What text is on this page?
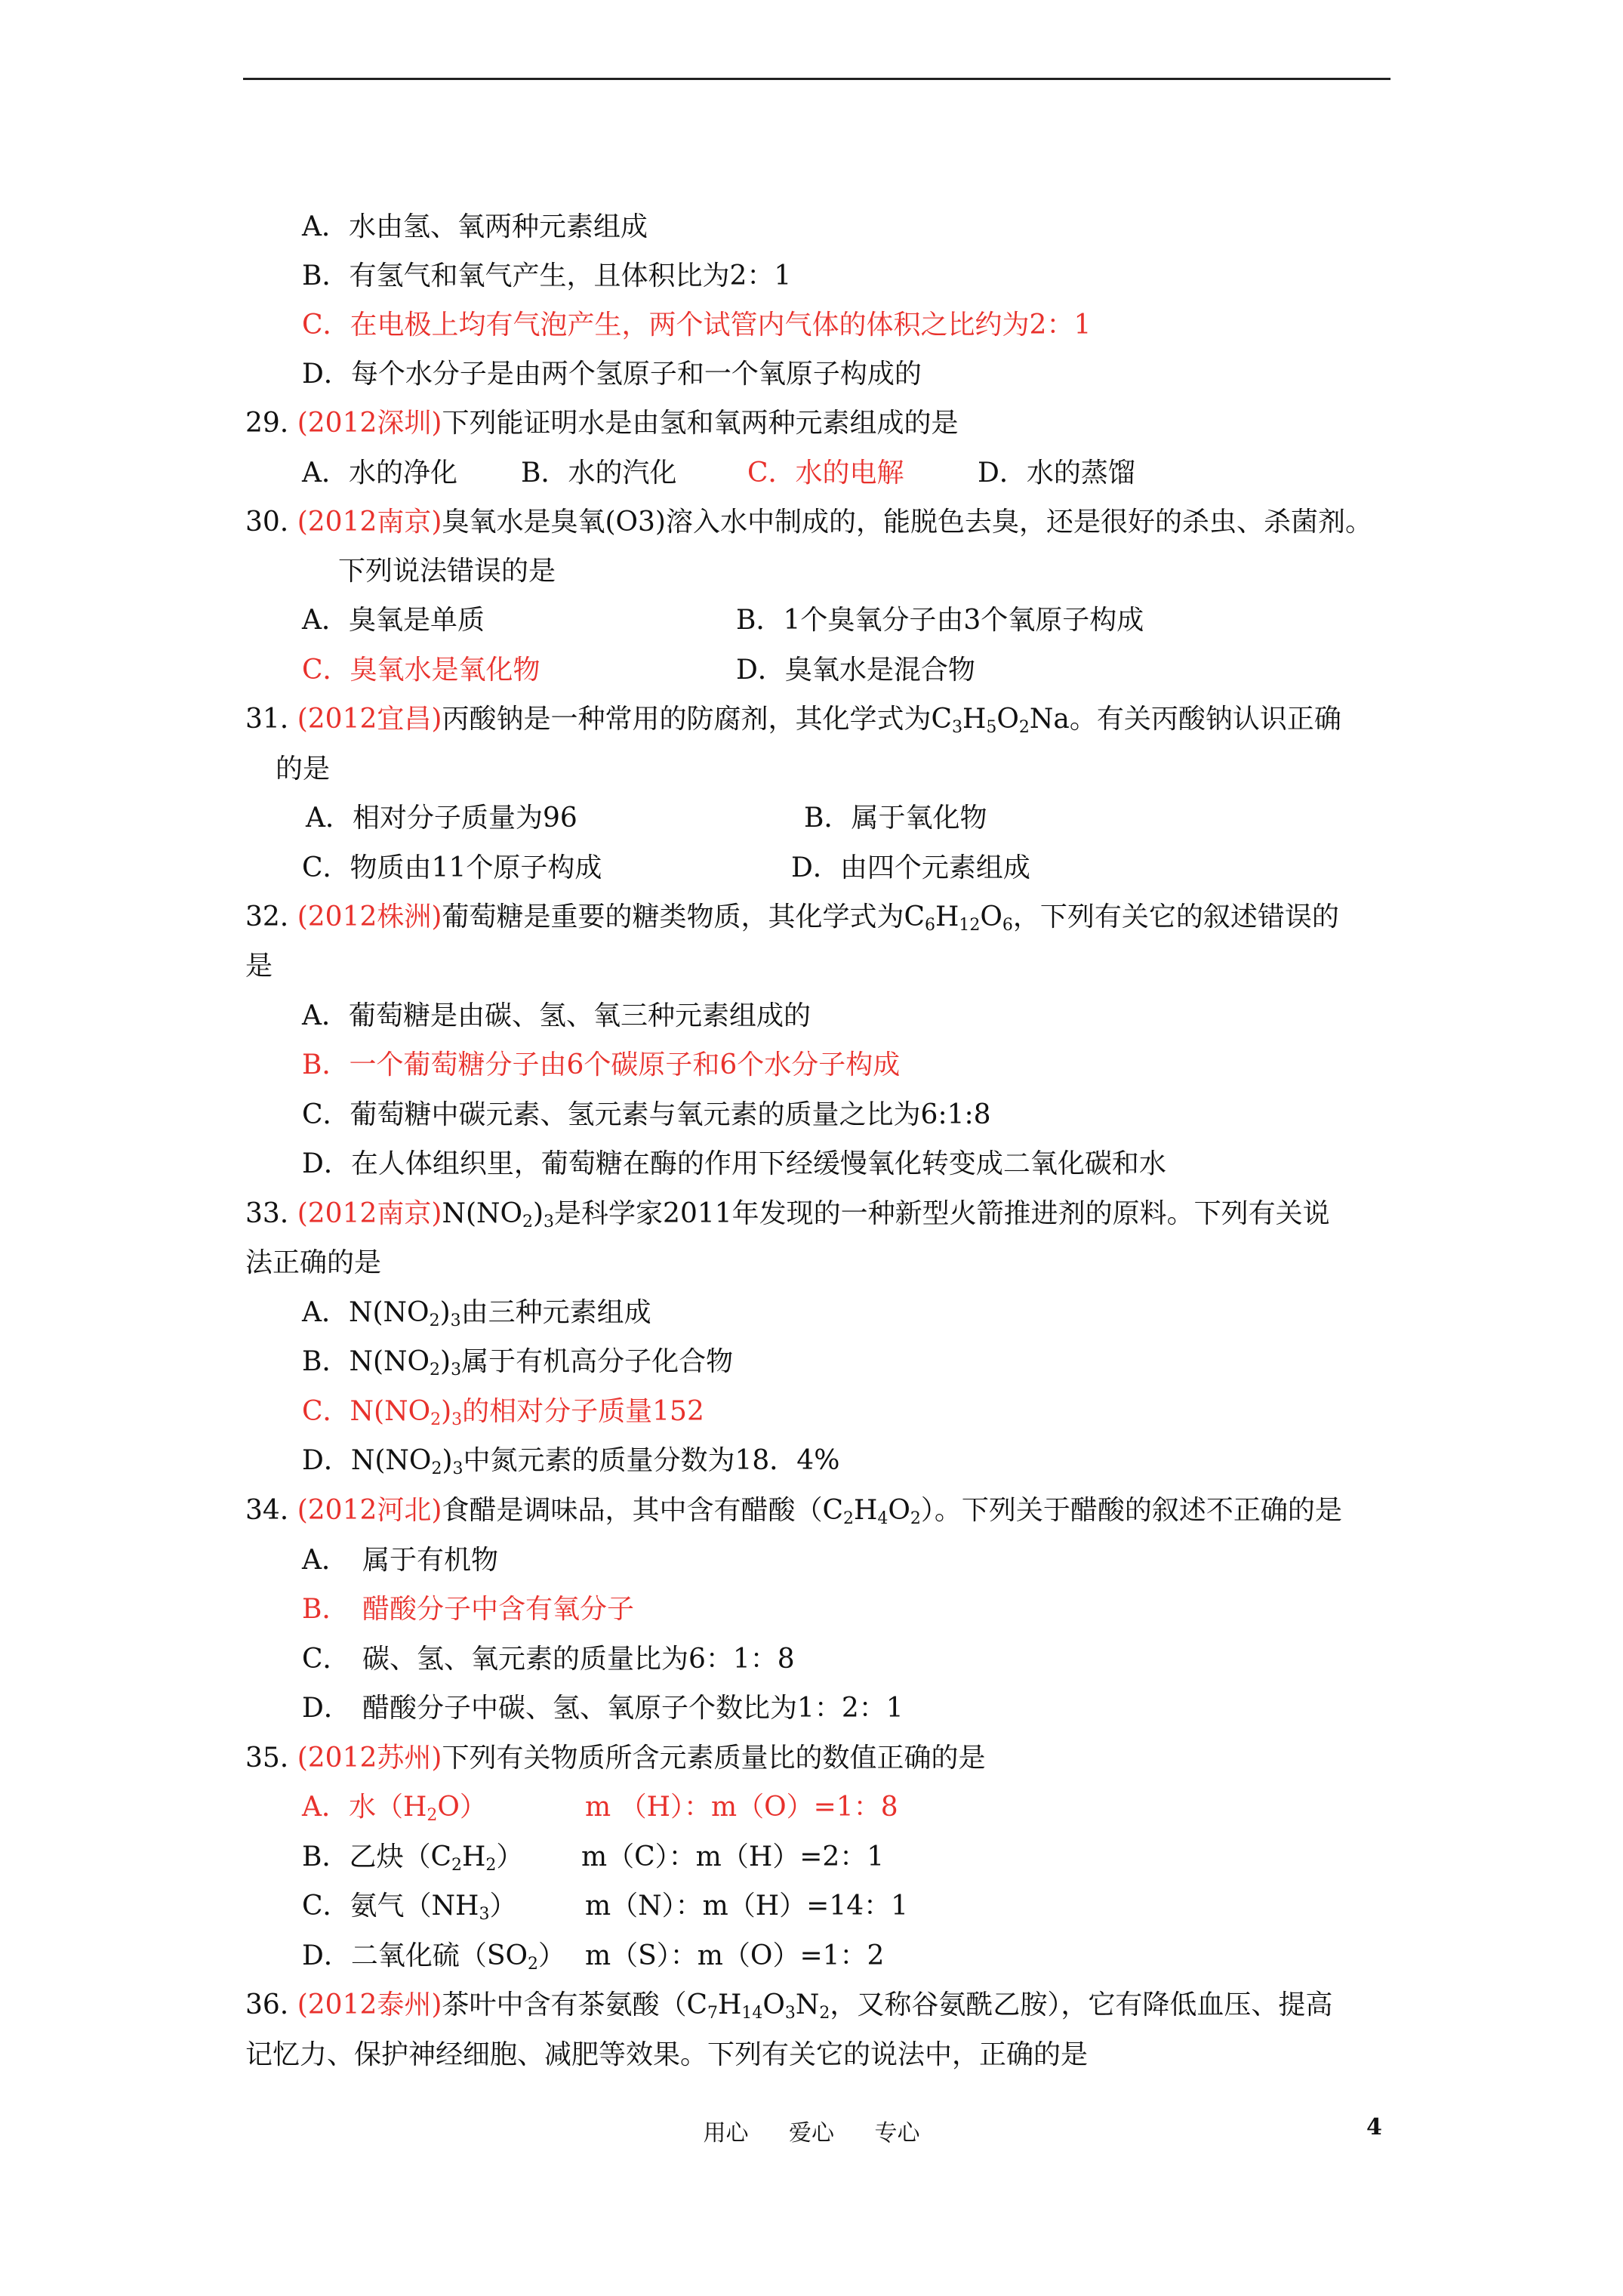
A．水由氢、氧两种元素组成
B．有氢气和氧气产生，且体积比为2：1
C．在电极上均有气泡产生，两个试管内气体的体积之比约为2：1
D．每个水分子是由两个氢原子和一个氧原子构成的
29. (2012深圳)下列能证明水是由氢和氧两种元素组成的是
A．水的净化 B．水的汽化	C．水的电解	D．水的蒸馏
30. (2012南京)臭氧水是臭氧(O3)溶入水中制成的，能脱色去臭，还是很好的杀虫、杀菌剂。
下列说法错误的是
A．臭氧是单质	B．1个臭氧分子由3个氧原子构成
C．臭氧水是氧化物	D．臭氧水是混合物
31. (2012宜昌)丙酸钠是一种常用的防腐剂，其化学式为$C_3H_5O_2Na$。有关丙酸钠认识正确
的是
A．相对分子质量为96	B．属于氧化物
C．物质由11个原子构成	D．由四个元素组成
32. (2012株洲)葡萄糖是重要的糖类物质，其化学式为$C_6H_{12}O_6$，下列有关它的叙述错误的
是
A．葡萄糖是由碳、氢、氧三种元素组成的
B．一个葡萄糖分子由6个碳原子和6个水分子构成
C．葡萄糖中碳元素、氢元素与氧元素的质量之比为6:1:8
D．在人体组织里，葡萄糖在酶的作用下经缓慢氧化转变成二氧化碳和水
33. (2012南京)$N(NO_2)_3$是科学家2011年发现的一种新型火箭推进剂的原料。下列有关说
法正确的是
A．$N(NO_2)_3$由三种元素组成
B．$N(NO_2)_3$属于有机高分子化合物
C．$N(NO_2)_3$的相对分子质量152
D．$N(NO_2)_3$中氮元素的质量分数为18．4%
34. (2012河北)食醋是调味品，其中含有醋酸$(C_2H_4O_2)$。下列关于醋酸的叙述不正确的是
A． 属于有机物
B． 醋酸分子中含有氧分子
C． 碳、氢、氧元素的质量比为6：1：8
D． 醋酸分子中碳、氢、氧原子个数比为1：2：1
35. (2012苏州)下列有关物质所含元素质量比的数值正确的是
A．水$(H_2O)$	m （H）：m（O）=1：8
B．乙炔$(C_2H_2)$ m（C）：m（H）=2：1
C．氨气$(NH_3)$	m（N）：m（H）=14：1
D．二氧化硫$(SO_2)$ m（S）：m（O）=1：2
36. (2012泰州)茶叶中含有茶氨酸（$C_7H_{14}O_3N_2$，又称谷氨酰乙胺），它有降低血压、提高
记忆力、保护神经细胞、减肥等效果。下列有关它的说法中，正确的是
用心 爱心 专心	4
